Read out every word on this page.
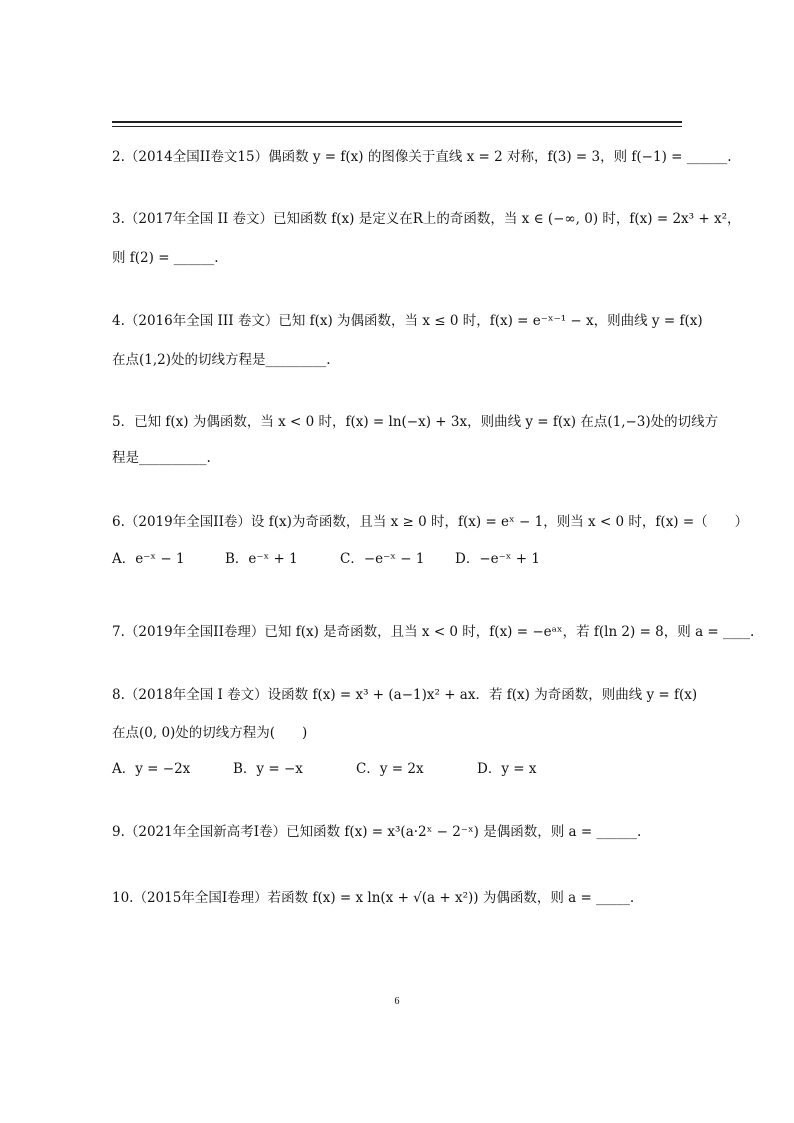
2.（2014全国II卷文15）偶函数 y = f(x) 的图像关于直线 x = 2 对称，f(3) = 3，则 f(−1) = ______.
3.（2017年全国 II 卷文）已知函数 f(x) 是定义在R上的奇函数，当 x ∈ (−∞, 0) 时，f(x) = 2x³ + x²，
则 f(2) = ______.
4.（2016年全国 III 卷文）已知 f(x) 为偶函数，当 x ≤ 0 时，f(x) = e⁻ˣ⁻¹ − x，则曲线 y = f(x)
在点(1,2)处的切线方程是_________.
5．已知 f(x) 为偶函数，当 x < 0 时，f(x) = ln(−x) + 3x，则曲线 y = f(x) 在点(1,−3)处的切线方
程是__________.
6.（2019年全国II卷）设 f(x)为奇函数，且当 x ≥ 0 时，f(x) = eˣ − 1，则当 x < 0 时，f(x) =（　　）
A．e⁻ˣ − 1	B．e⁻ˣ + 1	C．−e⁻ˣ − 1 D．−e⁻ˣ + 1
7.（2019年全国II卷理）已知 f(x) 是奇函数，且当 x < 0 时，f(x) = −eᵃˣ，若 f(ln 2) = 8，则 a = ____.
8.（2018年全国 I 卷文）设函数 f(x) = x³ + (a−1)x² + ax．若 f(x) 为奇函数，则曲线 y = f(x)
在点(0, 0)处的切线方程为(　　)
A．y = −2x	B．y = −x	C．y = 2x	D．y = x
9.（2021年全国新高考I卷）已知函数 f(x) = x³(a·2ˣ − 2⁻ˣ) 是偶函数，则 a = ______.
10.（2015年全国I卷理）若函数 f(x) = x ln(x + √(a + x²)) 为偶函数，则 a = _____.
6
